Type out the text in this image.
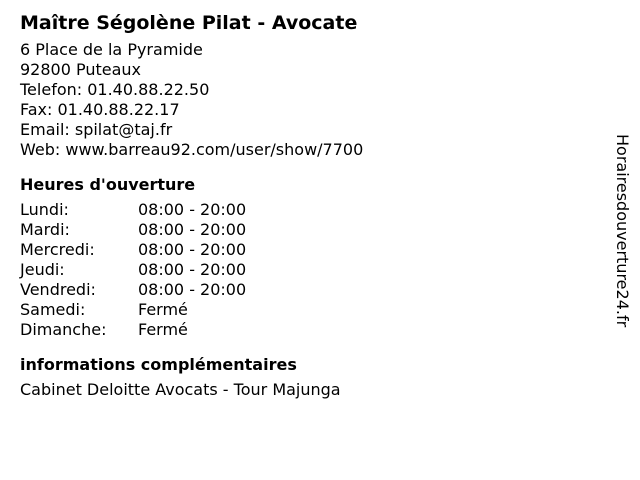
Maître Ségolène Pilat - Avocate
6 Place de la Pyramide
92800 Puteaux
Telefon: 01.40.88.22.50
Fax: 01.40.88.22.17
Email: spilat@taj.fr
Web: www.barreau92.com/user/show/7700
Heures d'ouverture
Lundi:	08:00 - 20:00
Mardi:	08:00 - 20:00
Mercredi:	08:00 - 20:00
Jeudi:	08:00 - 20:00
Vendredi:	08:00 - 20:00
Samedi:	Fermé
Dimanche:	Fermé
informations complémentaires
Cabinet Deloitte Avocats - Tour Majunga
Horairesdouverture24.fr
